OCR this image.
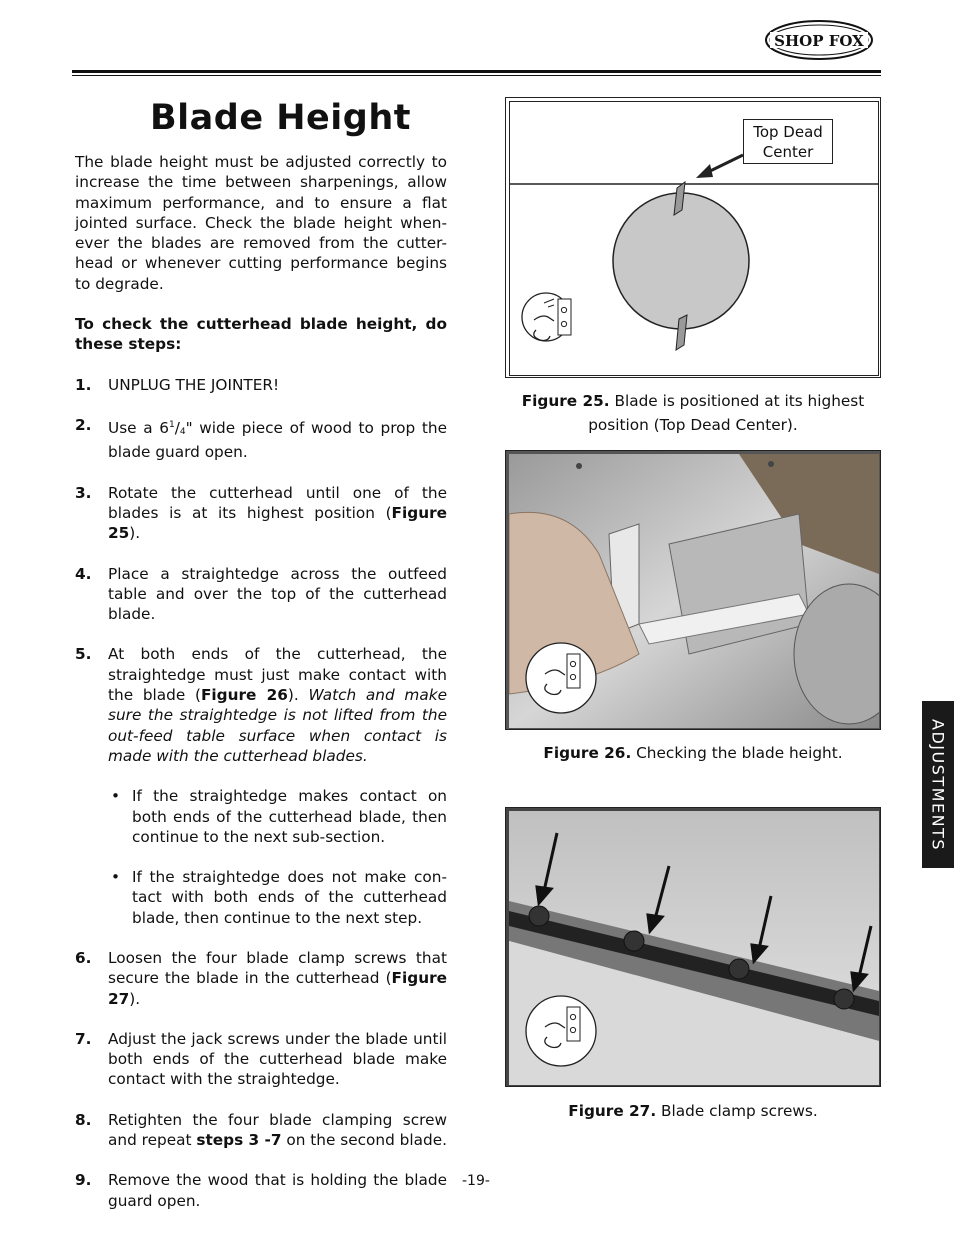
SHOP FOX
Blade Height

The blade height must be adjusted correctly to increase the time between sharpenings, allow maximum performance, and to ensure a flat jointed surface. Check the blade height when-ever the blades are removed from the cutter-head or whenever cutting performance begins to degrade.

To check the cutterhead blade height, do these steps:

1. UNPLUG THE JOINTER!
2. Use a $6^1/_4$" wide piece of wood to prop the blade guard open.
3. Rotate the cutterhead until one of the blades is at its highest position (Figure 25).
4. Place a straightedge across the outfeed table and over the top of the cutterhead blade.
5. At both ends of the cutterhead, the straightedge must just make contact with the blade (Figure 26). Watch and make sure the straightedge is not lifted from the out-feed table surface when contact is made with the cutterhead blades.
• If the straightedge makes contact on both ends of the cutterhead blade, then continue to the next sub-section.
• If the straightedge does not make con-tact with both ends of the cutterhead blade, then continue to the next step.
6. Loosen the four blade clamp screws that secure the blade in the cutterhead (Figure 27).
7. Adjust the jack screws under the blade until both ends of the cutterhead blade make contact with the straightedge.
8. Retighten the four blade clamping screw and repeat steps 3 -7 on the second blade.
9. Remove the wood that is holding the blade guard open.
Top Dead Center
Figure 25. Blade is positioned at its highest position (Top Dead Center).
Figure 26. Checking the blade height.
Figure 27. Blade clamp screws.
ADJUSTMENTS
-19-
